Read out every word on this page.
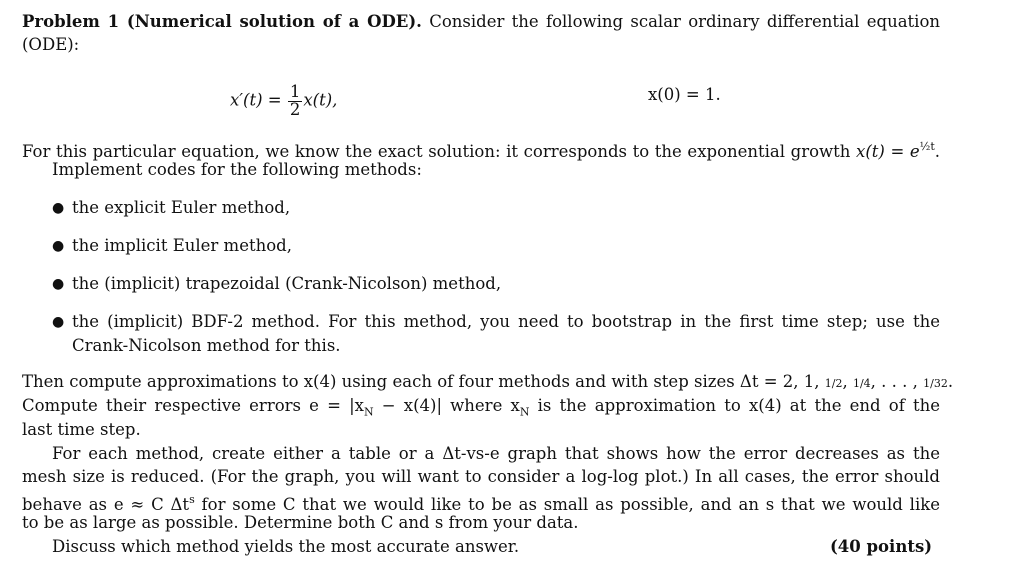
Problem 1 (Numerical solution of a ODE). Consider the following scalar ordinary differential equation
(ODE):
$x'(t) = \frac{1}{2} x(t)$,	x(0) = 1.
For this particular equation, we know the exact solution: it corresponds to the exponential growth $x(t) = e^{\frac{1}{2}t}$.
Implement codes for the following methods:
● the explicit Euler method,
● the implicit Euler method,
● the (implicit) trapezoidal (Crank-Nicolson) method,
● the (implicit) BDF-2 method. For this method, you need to bootstrap in the first time step; use the
Crank-Nicolson method for this.
Then compute approximations to x(4) using each of four methods and with step sizes Δt = 2, 1, 1/2, 1/4, . . . , 1/32.
Compute their respective errors $e = |x_N - x(4)|$ where $x_N$ is the approximation to x(4) at the end of the
last time step.
For each method, create either a table or a Δt-vs-e graph that shows how the error decreases as the
mesh size is reduced. (For the graph, you will want to consider a log-log plot.) In all cases, the error should
behave as e ≈ C $\Delta t^s$ for some C that we would like to be as small as possible, and an s that we would like
to be as large as possible. Determine both C and s from your data.
Discuss which method yields the most accurate answer.	(40 points)
